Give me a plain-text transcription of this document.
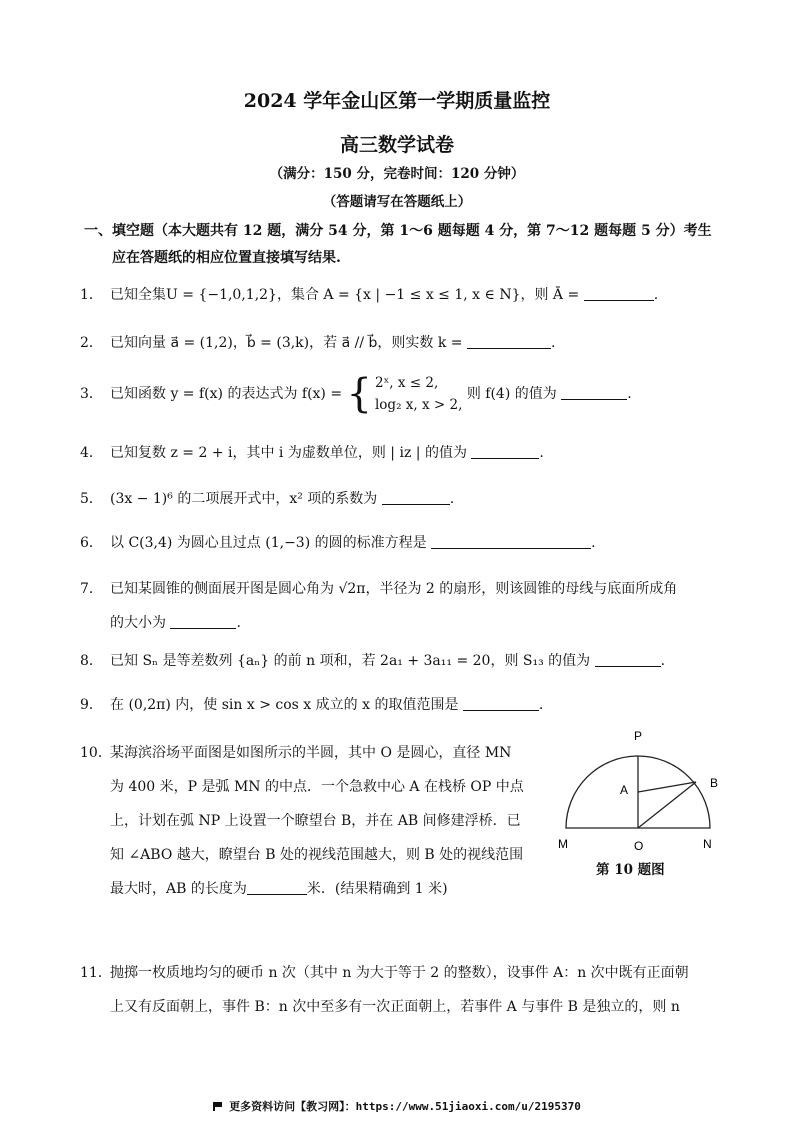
2024 学年金山区第一学期质量监控
高三数学试卷
（满分：150 分，完卷时间：120 分钟）
（答题请写在答题纸上）
一、填空题（本大题共有 12 题，满分 54 分，第 1～6 题每题 4 分，第 7～12 题每题 5 分）考生
应在答题纸的相应位置直接填写结果.
1． 已知全集U = {−1,0,1,2}，集合 A = {x | −1 ≤ x ≤ 1, x ∈ N}，则 Ā =	.
2． 已知向量 a⃗ = (1,2)，b⃗ = (3,k)，若 a⃗ // b⃗，则实数 k =	.
3． 已知函数 y = f(x) 的表达式为 f(x) = { 2ˣ, x ≤ 2,
log₂ x, x > 2,
则 f(4) 的值为	.
4． 已知复数 z = 2 + i，其中 i 为虚数单位，则 | iz | 的值为	.
5． (3x − 1)⁶ 的二项展开式中，x² 项的系数为	.
6． 以 C(3,4) 为圆心且过点 (1,−3) 的圆的标准方程是	.
7． 已知某圆锥的侧面展开图是圆心角为 √2π，半径为 2 的扇形，则该圆锥的母线与底面所成角
的大小为	.
8． 已知 Sₙ 是等差数列 {aₙ} 的前 n 项和，若 2a₁ + 3a₁₁ = 20，则 S₁₃ 的值为	.
9． 在 (0,2π) 内，使 sin x > cos x 成立的 x 的取值范围是	.
10．某海滨浴场平面图是如图所示的半圆，其中 O 是圆心，直径 MN
为 400 米，P 是弧 MN 的中点．一个急救中心 A 在栈桥 OP 中点
上，计划在弧 NP 上设置一个瞭望台 B，并在 AB 间修建浮桥．已
知 ∠ABO 越大，瞭望台 B 处的视线范围越大，则 B 处的视线范围
最大时，AB 的长度为	米．(结果精确到 1 米)
P
A	B
M	O	N
第 10 题图
11．抛掷一枚质地均匀的硬币 n 次（其中 n 为大于等于 2 的整数），设事件 A：n 次中既有正面朝
上又有反面朝上，事件 B：n 次中至多有一次正面朝上，若事件 A 与事件 B 是独立的，则 n
更多资料访问【教习网】：https://www.51jiaoxi.com/u/2195370
